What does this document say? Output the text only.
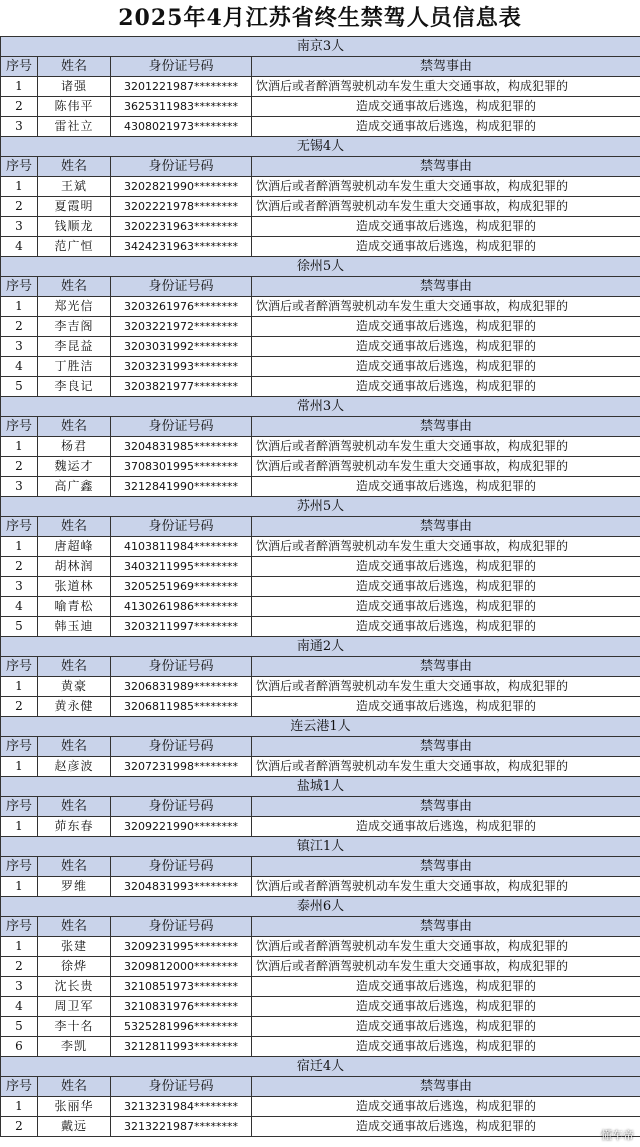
2025年4月江苏省终生禁驾人员信息表
南京3人			
序号	姓名	身份证号码	禁驾事由
1	诸强	3201221987********	饮酒后或者醉酒驾驶机动车发生重大交通事故，构成犯罪的
2	陈伟平	3625311983********	造成交通事故后逃逸，构成犯罪的
3	雷社立	4308021973********	造成交通事故后逃逸，构成犯罪的
无锡4人			
序号	姓名	身份证号码	禁驾事由
1	王斌	3202821990********	饮酒后或者醉酒驾驶机动车发生重大交通事故，构成犯罪的
2	夏霞明	3202221978********	饮酒后或者醉酒驾驶机动车发生重大交通事故，构成犯罪的
3	钱顺龙	3202231963********	造成交通事故后逃逸，构成犯罪的
4	范广恒	3424231963********	造成交通事故后逃逸，构成犯罪的
徐州5人			
序号	姓名	身份证号码	禁驾事由
1	郑光信	3203261976********	饮酒后或者醉酒驾驶机动车发生重大交通事故，构成犯罪的
2	李吉阁	3203221972********	造成交通事故后逃逸，构成犯罪的
3	李昆益	3203031992********	造成交通事故后逃逸，构成犯罪的
4	丁胜洁	3203231993********	造成交通事故后逃逸，构成犯罪的
5	李良记	3203821977********	造成交通事故后逃逸，构成犯罪的
常州3人			
序号	姓名	身份证号码	禁驾事由
1	杨君	3204831985********	饮酒后或者醉酒驾驶机动车发生重大交通事故，构成犯罪的
2	魏运才	3708301995********	饮酒后或者醉酒驾驶机动车发生重大交通事故，构成犯罪的
3	高广鑫	3212841990********	造成交通事故后逃逸，构成犯罪的
苏州5人			
序号	姓名	身份证号码	禁驾事由
1	唐超峰	4103811984********	饮酒后或者醉酒驾驶机动车发生重大交通事故，构成犯罪的
2	胡林润	3403211995********	造成交通事故后逃逸，构成犯罪的
3	张道林	3205251969********	造成交通事故后逃逸，构成犯罪的
4	喻青松	4130261986********	造成交通事故后逃逸，构成犯罪的
5	韩玉迪	3203211997********	造成交通事故后逃逸，构成犯罪的
南通2人			
序号	姓名	身份证号码	禁驾事由
1	黄豪	3206831989********	饮酒后或者醉酒驾驶机动车发生重大交通事故，构成犯罪的
2	黄永健	3206811985********	造成交通事故后逃逸，构成犯罪的
连云港1人			
序号	姓名	身份证号码	禁驾事由
1	赵彦波	3207231998********	饮酒后或者醉酒驾驶机动车发生重大交通事故，构成犯罪的
盐城1人			
序号	姓名	身份证号码	禁驾事由
1	茆东春	3209221990********	造成交通事故后逃逸，构成犯罪的
镇江1人			
序号	姓名	身份证号码	禁驾事由
1	罗维	3204831993********	饮酒后或者醉酒驾驶机动车发生重大交通事故，构成犯罪的
泰州6人			
序号	姓名	身份证号码	禁驾事由
1	张建	3209231995********	饮酒后或者醉酒驾驶机动车发生重大交通事故，构成犯罪的
2	徐烨	3209812000********	饮酒后或者醉酒驾驶机动车发生重大交通事故，构成犯罪的
3	沈长贵	3210851973********	造成交通事故后逃逸，构成犯罪的
4	周卫军	3210831976********	造成交通事故后逃逸，构成犯罪的
5	李十名	5325281996********	造成交通事故后逃逸，构成犯罪的
6	李凯	3212811993********	造成交通事故后逃逸，构成犯罪的
宿迁4人			
序号	姓名	身份证号码	禁驾事由
1	张丽华	3213231984********	造成交通事故后逃逸，构成犯罪的
2	戴远	3213221987********	造成交通事故后逃逸，构成犯罪的
懂车帝
